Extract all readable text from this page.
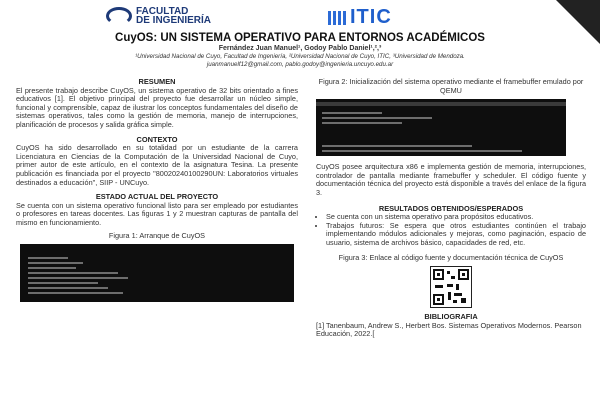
FACULTAD
DE INGENIERÍA	ITIC
CuyOS: UN SISTEMA OPERATIVO PARA ENTORNOS ACADÉMICOS
Fernández Juan Manuel¹, Godoy Pablo Daniel¹,²,³
¹Universidad Nacional de Cuyo, Facultad de Ingeniería, ²Universidad Nacional de Cuyo, ITIC, ³Universidad de Mendoza.
juanmanuelf12@gmail.com, pablo.godoy@ingenieria.uncuyo.edu.ar
RESUMEN

El presente trabajo describe CuyOS, un sistema operativo de 32 bits orientado a fines educativos [1]. El objetivo principal del proyecto fue desarrollar un núcleo simple, funcional y comprensible, capaz de ilustrar los conceptos fundamentales del diseño de sistemas operativos, tales como la gestión de memoria, manejo de interrupciones, planificación de procesos y salida gráfica simple.

CONTEXTO

CuyOS ha sido desarrollado en su totalidad por un estudiante de la carrera Licenciatura en Ciencias de la Computación de la Universidad Nacional de Cuyo, primer autor de este artículo, en el contexto de la asignatura Tesina. La presente publicación es financiada por el proyecto "80020240100290UN: Laboratorios virtuales destinados a educación", SIIP - UNCuyo.

ESTADO ACTUAL DEL PROYECTO

Se cuenta con un sistema operativo funcional listo para ser empleado por estudiantes o profesores en tareas docentes. Las figuras 1 y 2 muestran capturas de pantalla del mismo en funcionamiento.

Figura 1: Arranque de CuyOS
Figura 2: Inicialización del sistema operativo mediante el framebuffer emulado por QEMU

CuyOS posee arquitectura x86 e implementa gestión de memoria, interrupciones, controlador de pantalla mediante framebuffer y scheduler. El código fuente y documentación técnica del proyecto está disponible a través del enlace de la figura 3.

RESULTADOS OBTENIDOS/ESPERADOS
• Se cuenta con un sistema operativo para propósitos educativos.
• Trabajos futuros: Se espera que otros estudiantes continúen el trabajo implementando módulos adicionales y mejoras, como paginación, espacio de usuario, sistema de archivos básico, capacidades de red, etc.
Figura 3: Enlace al código fuente y documentación técnica de CuyOS
BIBLIOGRAFIA

[1] Tanenbaum, Andrew S., Herbert Bos. Sistemas Operativos Modernos. Pearson Educación, 2022.[
